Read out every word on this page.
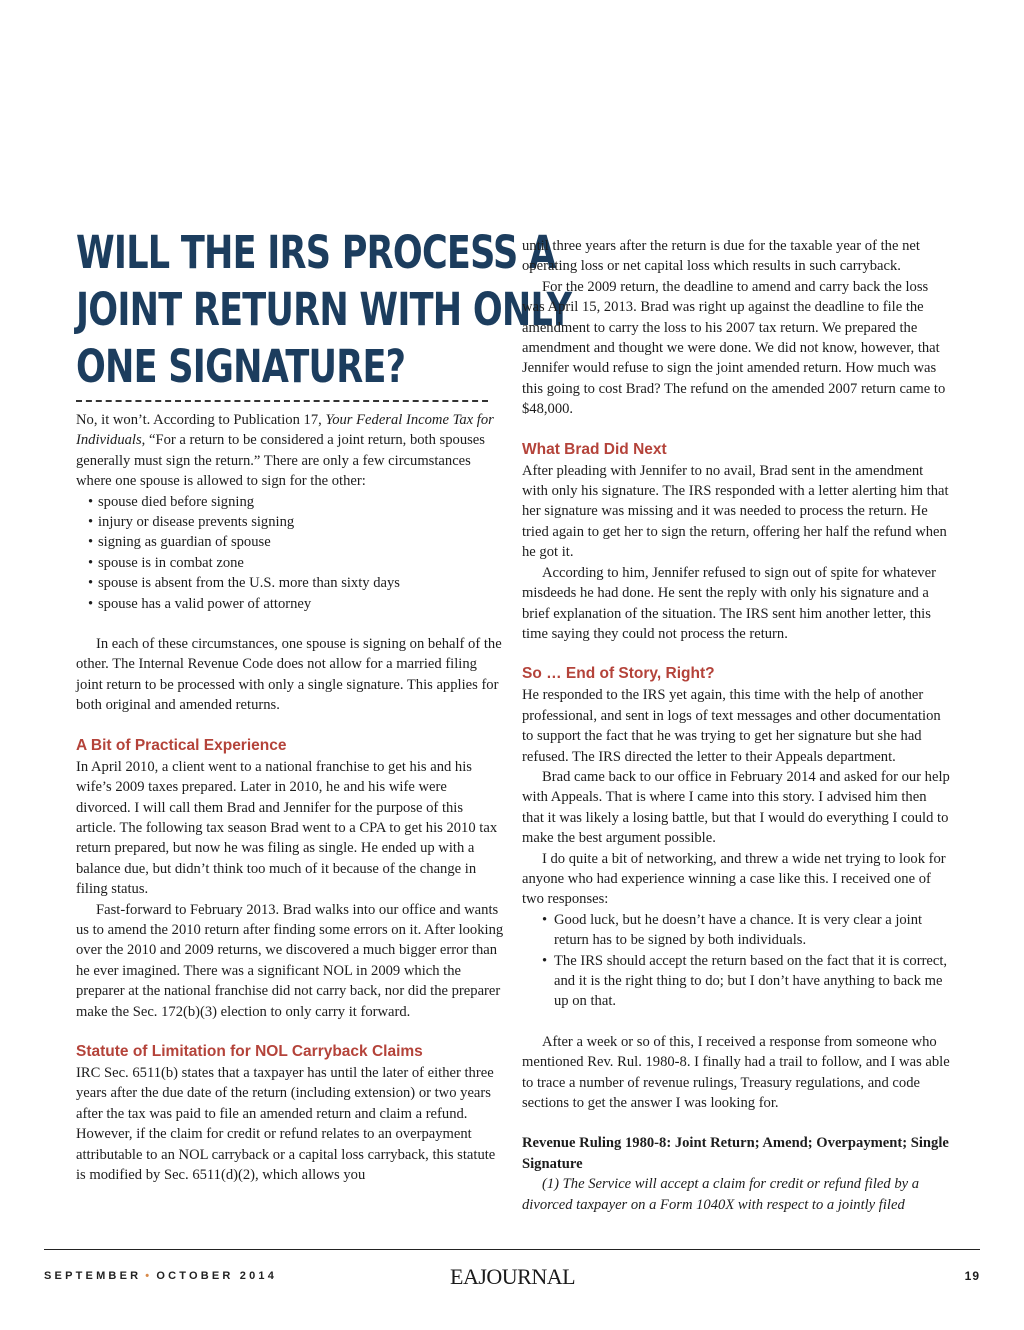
WILL THE IRS PROCESS A
JOINT RETURN WITH ONLY
ONE SIGNATURE?

No, it won’t. According to Publication 17, Your Federal Income Tax for Individuals, “For a return to be considered a joint return, both spouses generally must sign the return.” There are only a few circumstances where one spouse is allowed to sign for the other:

• spouse died before signing
• injury or disease prevents signing
• signing as guardian of spouse
• spouse is in combat zone
• spouse is absent from the U.S. more than sixty days
• spouse has a valid power of attorney

In each of these circumstances, one spouse is signing on behalf of the other. The Internal Revenue Code does not allow for a married filing joint return to be processed with only a single signature. This applies for both original and amended returns.

A Bit of Practical Experience

In April 2010, a client went to a national franchise to get his and his wife’s 2009 taxes prepared. Later in 2010, he and his wife were divorced. I will call them Brad and Jennifer for the purpose of this article. The following tax season Brad went to a CPA to get his 2010 tax return prepared, but now he was filing as single. He ended up with a balance due, but didn’t think too much of it because of the change in filing status.

Fast-forward to February 2013. Brad walks into our office and wants us to amend the 2010 return after finding some errors on it. After looking over the 2010 and 2009 returns, we discovered a much bigger error than he ever imagined. There was a significant NOL in 2009 which the preparer at the national franchise did not carry back, nor did the preparer make the Sec. 172(b)(3) election to only carry it forward.

Statute of Limitation for NOL Carryback Claims

IRC Sec. 6511(b) states that a taxpayer has until the later of either three years after the due date of the return (including extension) or two years after the tax was paid to file an amended return and claim a refund. However, if the claim for credit or refund relates to an overpayment attributable to an NOL carryback or a capital loss carryback, this statute is modified by Sec. 6511(d)(2), which allows you

until three years after the return is due for the taxable year of the net operating loss or net capital loss which results in such carryback.

For the 2009 return, the deadline to amend and carry back the loss was April 15, 2013. Brad was right up against the deadline to file the amendment to carry the loss to his 2007 tax return. We prepared the amendment and thought we were done. We did not know, however, that Jennifer would refuse to sign the joint amended return. How much was this going to cost Brad? The refund on the amended 2007 return came to $48,000.

What Brad Did Next

After pleading with Jennifer to no avail, Brad sent in the amendment with only his signature. The IRS responded with a letter alerting him that her signature was missing and it was needed to process the return. He tried again to get her to sign the return, offering her half the refund when he got it.

According to him, Jennifer refused to sign out of spite for whatever misdeeds he had done. He sent the reply with only his signature and a brief explanation of the situation. The IRS sent him another letter, this time saying they could not process the return.

So … End of Story, Right?

He responded to the IRS yet again, this time with the help of another professional, and sent in logs of text messages and other documentation to support the fact that he was trying to get her signature but she had refused. The IRS directed the letter to their Appeals department.

Brad came back to our office in February 2014 and asked for our help with Appeals. That is where I came into this story. I advised him then that it was likely a losing battle, but that I would do everything I could to make the best argument possible.

I do quite a bit of networking, and threw a wide net trying to look for anyone who had experience winning a case like this. I received one of two responses:

• Good luck, but he doesn’t have a chance. It is very clear a joint return has to be signed by both individuals.
• The IRS should accept the return based on the fact that it is correct, and it is the right thing to do; but I don’t have anything to back me up on that.

After a week or so of this, I received a response from someone who mentioned Rev. Rul. 1980-8. I finally had a trail to follow, and I was able to trace a number of revenue rulings, Treasury regulations, and code sections to get the answer I was looking for.

Revenue Ruling 1980-8: Joint Return; Amend; Overpayment; Single Signature

(1) The Service will accept a claim for credit or refund filed by a divorced taxpayer on a Form 1040X with respect to a jointly filed

SEPTEMBER • OCTOBER 2014	EAJOURNAL	19
